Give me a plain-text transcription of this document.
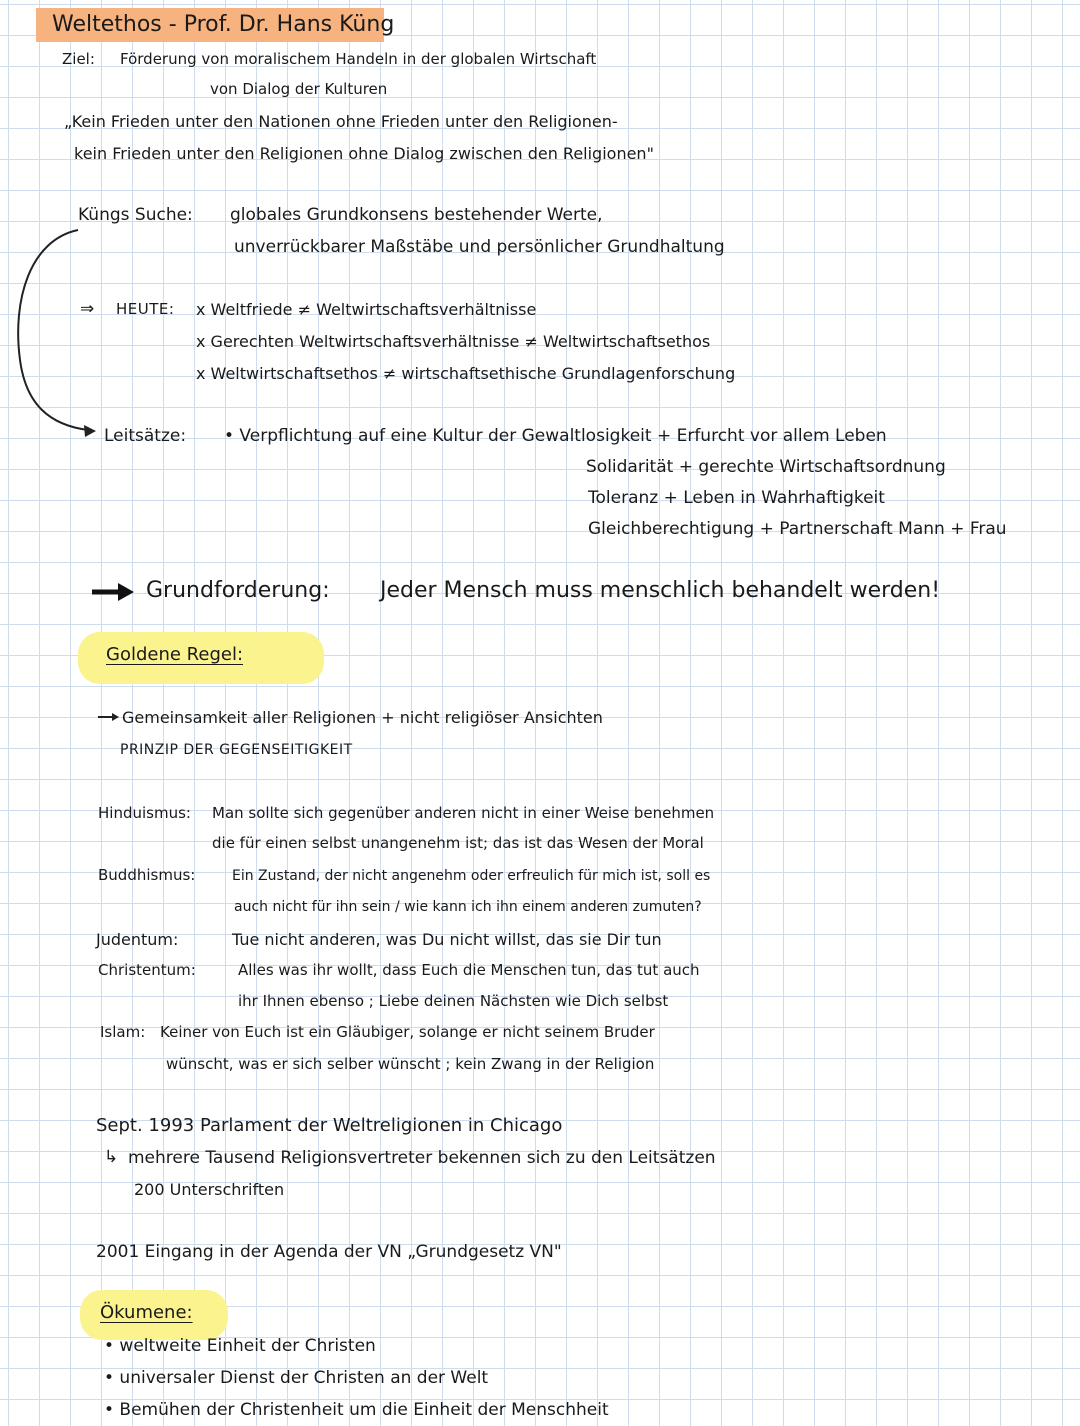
Weltethos - Prof. Dr. Hans Küng
Ziel: Förderung von moralischem Handeln in der globalen Wirtschaft
von Dialog der Kulturen
„Kein Frieden unter den Nationen ohne Frieden unter den Religionen-
kein Frieden unter den Religionen ohne Dialog zwischen den Religionen"
Küngs Suche: globales Grundkonsens bestehender Werte,
unverrückbarer Maßstäbe und persönlicher Grundhaltung
⇒ HEUTE: x Weltfriede ≠ Weltwirtschaftsverhältnisse
x Gerechten Weltwirtschaftsverhältnisse ≠ Weltwirtschaftsethos
x Weltwirtschaftsethos ≠ wirtschaftsethische Grundlagenforschung
Leitsätze: • Verpflichtung auf eine Kultur der Gewaltlosigkeit + Erfurcht vor allem Leben
Solidarität + gerechte Wirtschaftsordnung
Toleranz + Leben in Wahrhaftigkeit
Gleichberechtigung + Partnerschaft Mann + Frau
Grundforderung: Jeder Mensch muss menschlich behandelt werden!
Goldene Regel:
Gemeinsamkeit aller Religionen + nicht religiöser Ansichten
PRINZIP DER GEGENSEITIGKEIT
Hinduismus: Man sollte sich gegenüber anderen nicht in einer Weise benehmen
die für einen selbst unangenehm ist; das ist das Wesen der Moral
Buddhismus:	Ein Zustand, der nicht angenehm oder erfreulich für mich ist, soll es
auch nicht für ihn sein / wie kann ich ihn einem anderen zumuten?
Judentum:	Tue nicht anderen, was Du nicht willst, das sie Dir tun
Christentum:	Alles was ihr wollt, dass Euch die Menschen tun, das tut auch
ihr Ihnen ebenso ; Liebe deinen Nächsten wie Dich selbst
Islam: Keiner von Euch ist ein Gläubiger, solange er nicht seinem Bruder
wünscht, was er sich selber wünscht ; kein Zwang in der Religion
Sept. 1993 Parlament der Weltreligionen in Chicago
↳ mehrere Tausend Religionsvertreter bekennen sich zu den Leitsätzen
200 Unterschriften
2001 Eingang in der Agenda der VN „Grundgesetz VN"
Ökumene:
• weltweite Einheit der Christen
• universaler Dienst der Christen an der Welt
• Bemühen der Christenheit um die Einheit der Menschheit
